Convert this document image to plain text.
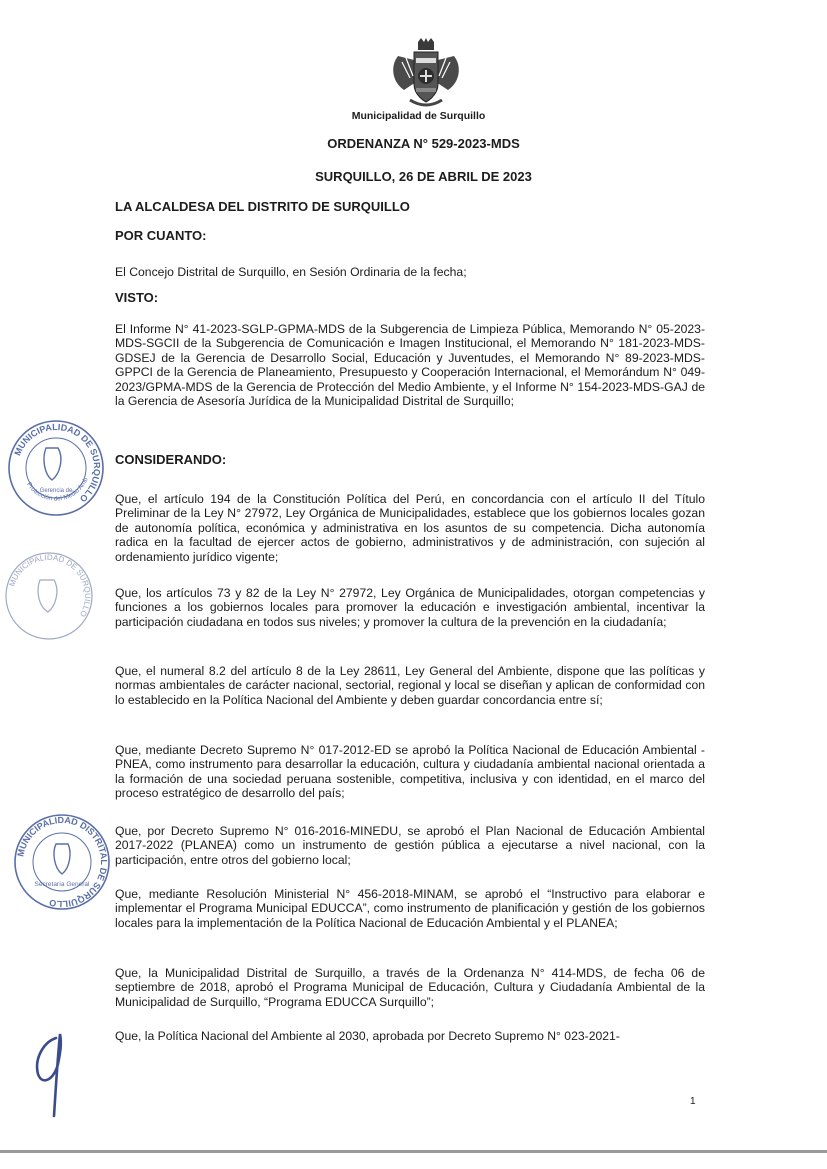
Municipalidad de Surquillo
ORDENANZA N° 529-2023-MDS
SURQUILLO, 26 DE ABRIL DE 2023
LA ALCALDESA DEL DISTRITO DE SURQUILLO
POR CUANTO:
El Concejo Distrital de Surquillo, en Sesión Ordinaria de la fecha;
VISTO:
El Informe N° 41-2023-SGLP-GPMA-MDS de la Subgerencia de Limpieza Pública, Memorando N° 05-2023-MDS-SGCII de la Subgerencia de Comunicación e Imagen Institucional, el Memorando N° 181-2023-MDS-GDSEJ de la Gerencia de Desarrollo Social, Educación y Juventudes, el Memorando N° 89-2023-MDS-GPPCI de la Gerencia de Planeamiento, Presupuesto y Cooperación Internacional, el Memorándum N° 049-2023/GPMA-MDS de la Gerencia de Protección del Medio Ambiente, y el Informe N° 154-2023-MDS-GAJ de la Gerencia de Asesoría Jurídica de la Municipalidad Distrital de Surquillo;
CONSIDERANDO:
Que, el artículo 194 de la Constitución Política del Perú, en concordancia con el artículo II del Título Preliminar de la Ley N° 27972, Ley Orgánica de Municipalidades, establece que los gobiernos locales gozan de autonomía política, económica y administrativa en los asuntos de su competencia. Dicha autonomía radica en la facultad de ejercer actos de gobierno, administrativos y de administración, con sujeción al ordenamiento jurídico vigente;
Que, los artículos 73 y 82 de la Ley N° 27972, Ley Orgánica de Municipalidades, otorgan competencias y funciones a los gobiernos locales para promover la educación e investigación ambiental, incentivar la participación ciudadana en todos sus niveles; y promover la cultura de la prevención en la ciudadanía;
Que, el numeral 8.2 del artículo 8 de la Ley 28611, Ley General del Ambiente, dispone que las políticas y normas ambientales de carácter nacional, sectorial, regional y local se diseñan y aplican de conformidad con lo establecido en la Política Nacional del Ambiente y deben guardar concordancia entre sí;
Que, mediante Decreto Supremo N° 017-2012-ED se aprobó la Política Nacional de Educación Ambiental - PNEA, como instrumento para desarrollar la educación, cultura y ciudadanía ambiental nacional orientada a la formación de una sociedad peruana sostenible, competitiva, inclusiva y con identidad, en el marco del proceso estratégico de desarrollo del país;
Que, por Decreto Supremo N° 016-2016-MINEDU, se aprobó el Plan Nacional de Educación Ambiental 2017-2022 (PLANEA) como un instrumento de gestión pública a ejecutarse a nivel nacional, con la participación, entre otros del gobierno local;
Que, mediante Resolución Ministerial N° 456-2018-MINAM, se aprobó el “Instructivo para elaborar e implementar el Programa Municipal EDUCCA”, como instrumento de planificación y gestión de los gobiernos locales para la implementación de la Política Nacional de Educación Ambiental y el PLANEA;
Que, la Municipalidad Distrital de Surquillo, a través de la Ordenanza N° 414-MDS, de fecha 06 de septiembre de 2018, aprobó el Programa Municipal de Educación, Cultura y Ciudadanía Ambiental de la Municipalidad de Surquillo, “Programa EDUCCA Surquillo”;
Que, la Política Nacional del Ambiente al 2030, aprobada por Decreto Supremo N° 023-2021-
MUNICIPALIDAD DE SURQUILLO
Protección del Medio Amb
Gerencia de
MUNICIPALIDAD DE SURQUILLO
MUNICIPALIDAD DISTRITAL DE SURQUILLO
Secretaría General
1
